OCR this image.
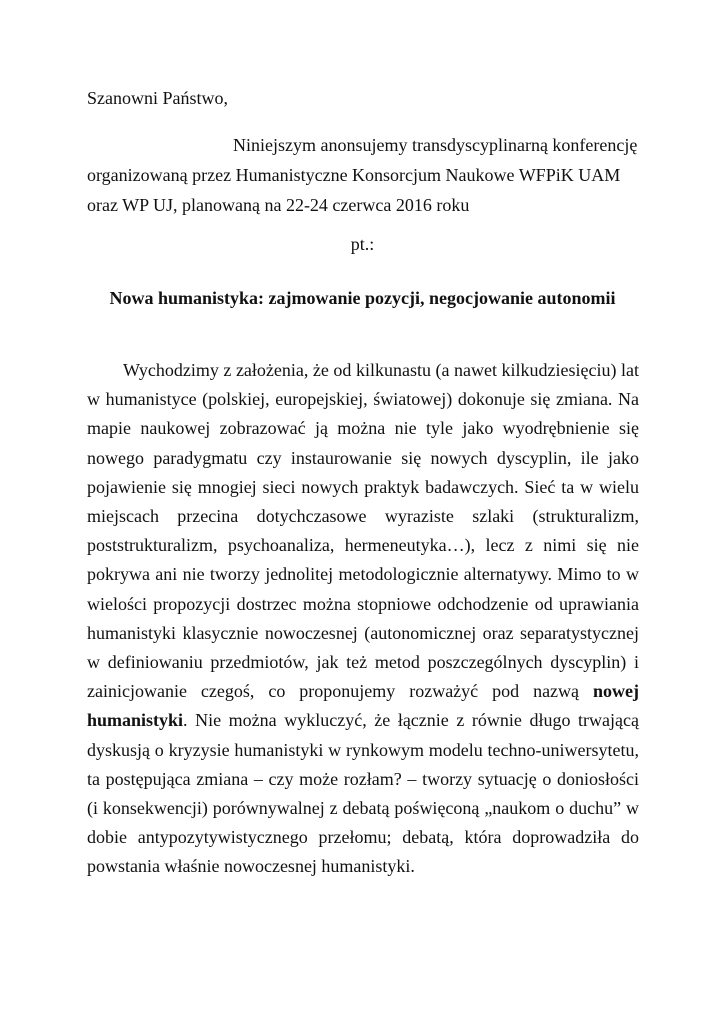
Szanowni Państwo,

Niniejszym anonsujemy transdyscyplinarną konferencję organizowaną przez Humanistyczne Konsorcjum Naukowe WFPiK UAM oraz WP UJ, planowaną na 22-24 czerwca 2016 roku

pt.:

Nowa humanistyka: zajmowanie pozycji, negocjowanie autonomii

Wychodzimy z założenia, że od kilkunastu (a nawet kilkudziesięciu) lat w humanistyce (polskiej, europejskiej, światowej) dokonuje się zmiana. Na mapie naukowej zobrazować ją można nie tyle jako wyodrębnienie się nowego paradygmatu czy instaurowanie się nowych dyscyplin, ile jako pojawienie się mnogiej sieci nowych praktyk badawczych. Sieć ta w wielu miejscach przecina dotychczasowe wyraziste szlaki (strukturalizm, poststrukturalizm, psychoanaliza, hermeneutyka…), lecz z nimi się nie pokrywa ani nie tworzy jednolitej metodologicznie alternatywy. Mimo to w wielości propozycji dostrzec można stopniowe odchodzenie od uprawiania humanistyki klasycznie nowoczesnej (autonomicznej oraz separatystycznej w definiowaniu przedmiotów, jak też metod poszczególnych dyscyplin) i zainicjowanie czegoś, co proponujemy rozważyć pod nazwą nowej humanistyki. Nie można wykluczyć, że łącznie z równie długo trwającą dyskusją o kryzysie humanistyki w rynkowym modelu techno-uniwersytetu, ta postępująca zmiana – czy może rozłam? – tworzy sytuację o doniosłości (i konsekwencji) porównywalnej z debatą poświęconą „naukom o duchu” w dobie antypozytywistycznego przełomu; debatą, która doprowadziła do powstania właśnie nowoczesnej humanistyki.
